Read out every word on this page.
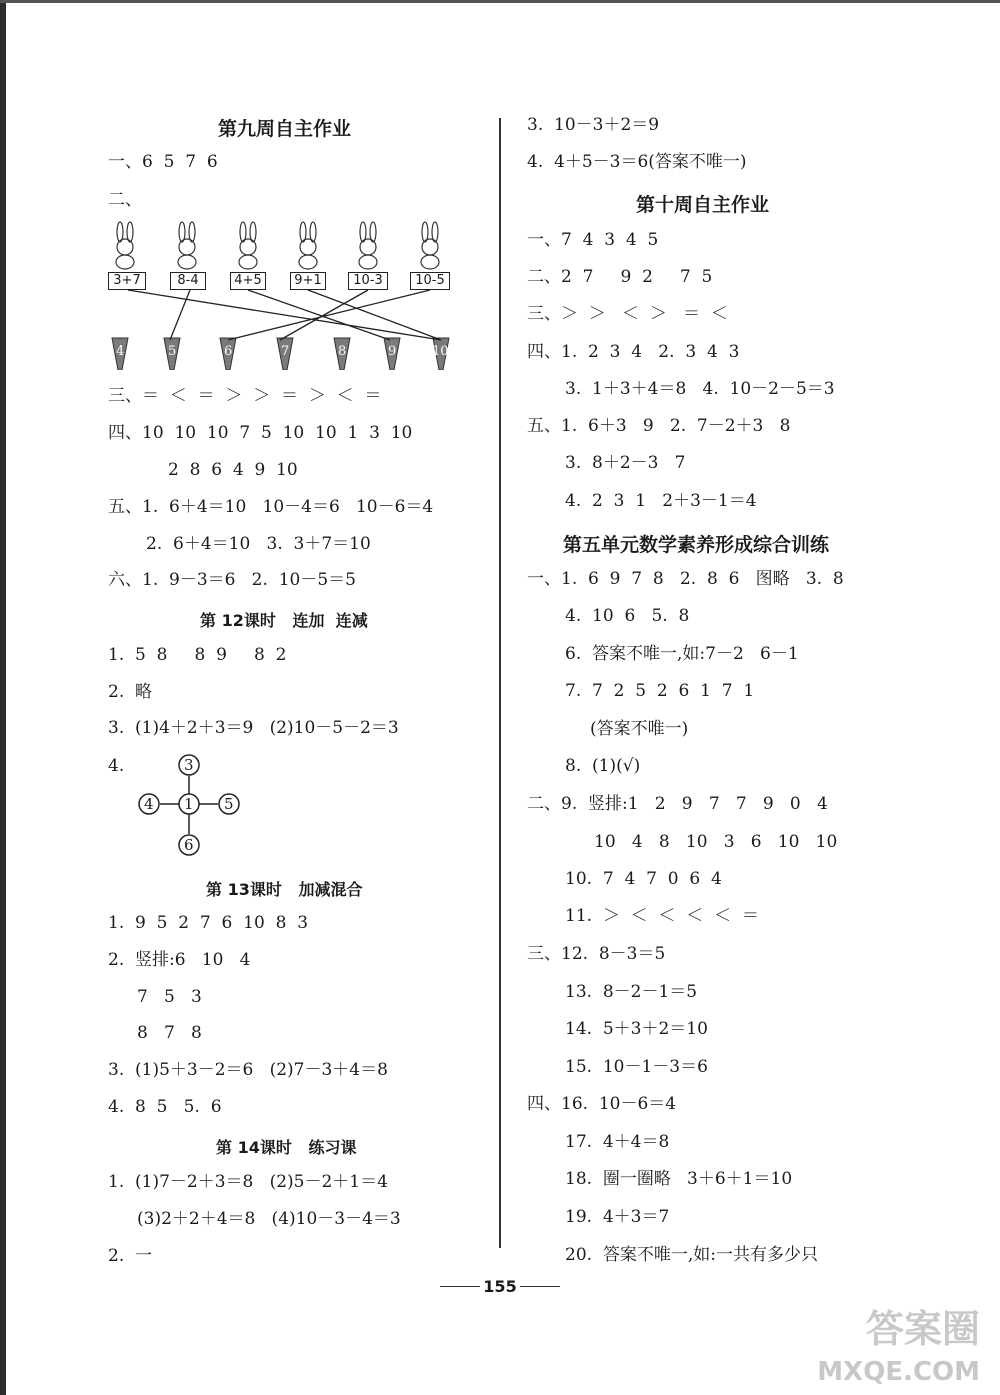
第九周自主作业
一、6  5  7  6
二、
3+7	8-4	4+5	9+1	10-3	10-5
4	5	6	7	8	9	10
三、＝  ＜  ＝  ＞  ＞  ＝  ＞  ＜  ＝
四、10  10  10  7  5  10  10  1  3  10
2  8  6  4  9  10
五、1.  6＋4＝10   10－4＝6   10－6＝4
2.  6＋4＝10   3.  3＋7＝10
六、1.  9－3＝6   2.  10－5＝5
第 12课时   连加  连减
1.  5  8     8  9     8  2
2.  略
3.  (1)4＋2＋3＝9   (2)10－5－2＝3
4.	3
4 1 5
6
第 13课时   加减混合
1.  9  5  2  7  6  10  8  3
2.  竖排:6   10   4
7   5   3
8   7   8
3.  (1)5＋3－2＝6   (2)7－3＋4＝8
4.  8  5   5.  6
第 14课时   练习课
1.  (1)7－2＋3＝8   (2)5－2＋1＝4
(3)2＋2＋4＝8   (4)10－3－4＝3
2.  一
3.  10－3＋2＝9
4.  4＋5－3＝6(答案不唯一)
第十周自主作业
一、7  4  3  4  5
二、2  7     9  2     7  5
三、＞  ＞   ＜  ＞   ＝  ＜
四、1.  2  3  4   2.  3  4  3
3.  1＋3＋4＝8   4.  10－2－5＝3
五、1.  6＋3   9   2.  7－2＋3   8
3.  8＋2－3   7
4.  2  3  1   2＋3－1＝4
第五单元数学素养形成综合训练
一、1.  6  9  7  8   2.  8  6   图略   3.  8
4.  10  6   5.  8
6.  答案不唯一,如:7－2   6－1
7.  7  2  5  2  6  1  7  1
(答案不唯一)
8.  (1)(√)
二、9.  竖排:1   2   9   7   7   9   0   4
10   4   8   10   3   6   10   10
10.  7  4  7  0  6  4
11.  ＞  ＜  ＜  ＜  ＜  ＝
三、12.  8－3＝5
13.  8－2－1＝5
14.  5＋3＋2＝10
15.  10－1－3＝6
四、16.  10－6＝4
17.  4＋4＝8
18.  圈一圈略   3＋6＋1＝10
19.  4＋3＝7
20.  答案不唯一,如:一共有多少只
155
答案圈
MXQE.COM
